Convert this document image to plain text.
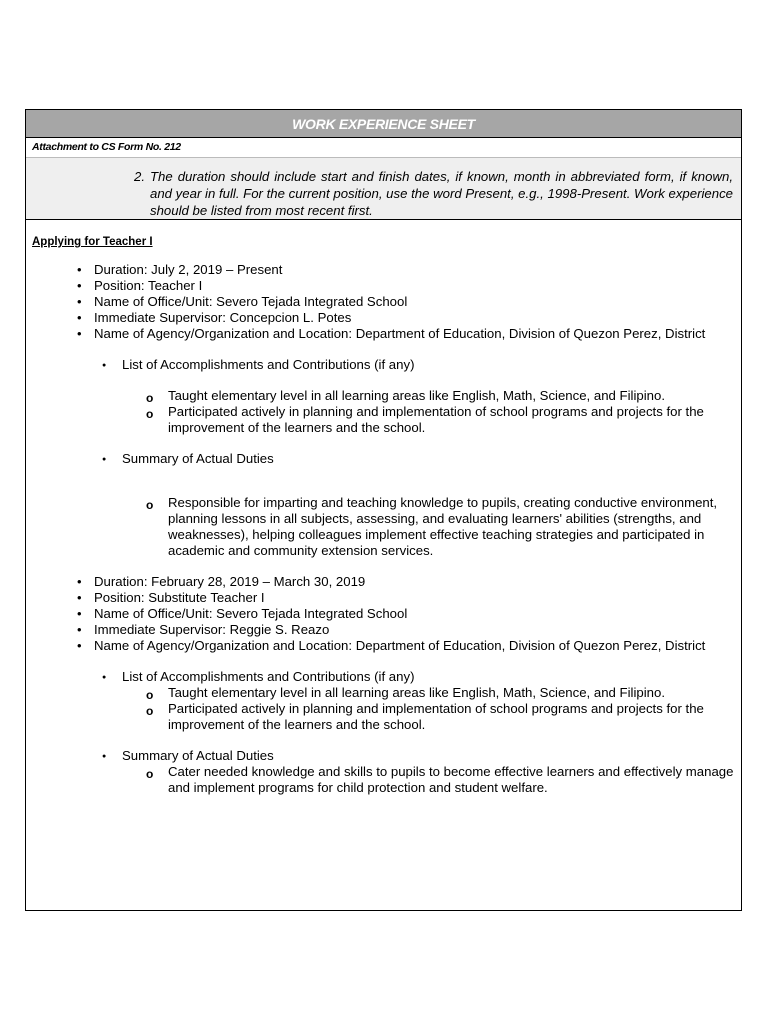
WORK EXPERIENCE SHEET
Attachment to CS Form No. 212
2. The duration should include start and finish dates, if known, month in abbreviated form, if known, and year in full. For the current position, use the word Present, e.g., 1998-Present. Work experience should be listed from most recent first.
Applying for Teacher I
• Duration: July 2, 2019 – Present
• Position: Teacher I
• Name of Office/Unit: Severo Tejada Integrated School
• Immediate Supervisor: Concepcion L. Potes
• Name of Agency/Organization and Location: Department of Education, Division of Quezon Perez, District
● List of Accomplishments and Contributions (if any)
o Taught elementary level in all learning areas like English, Math, Science, and Filipino.
o Participated actively in planning and implementation of school programs and projects for the improvement of the learners and the school.
● Summary of Actual Duties
o Responsible for imparting and teaching knowledge to pupils, creating conductive environment, planning lessons in all subjects, assessing, and evaluating learners' abilities (strengths, and weaknesses), helping colleagues implement effective teaching strategies and participated in academic and community extension services.
• Duration: February 28, 2019 – March 30, 2019
• Position: Substitute Teacher I
• Name of Office/Unit: Severo Tejada Integrated School
• Immediate Supervisor: Reggie S. Reazo
• Name of Agency/Organization and Location: Department of Education, Division of Quezon Perez, District
● List of Accomplishments and Contributions (if any)
o Taught elementary level in all learning areas like English, Math, Science, and Filipino.
o Participated actively in planning and implementation of school programs and projects for the improvement of the learners and the school.
● Summary of Actual Duties
o Cater needed knowledge and skills to pupils to become effective learners and effectively manage and implement programs for child protection and student welfare.
